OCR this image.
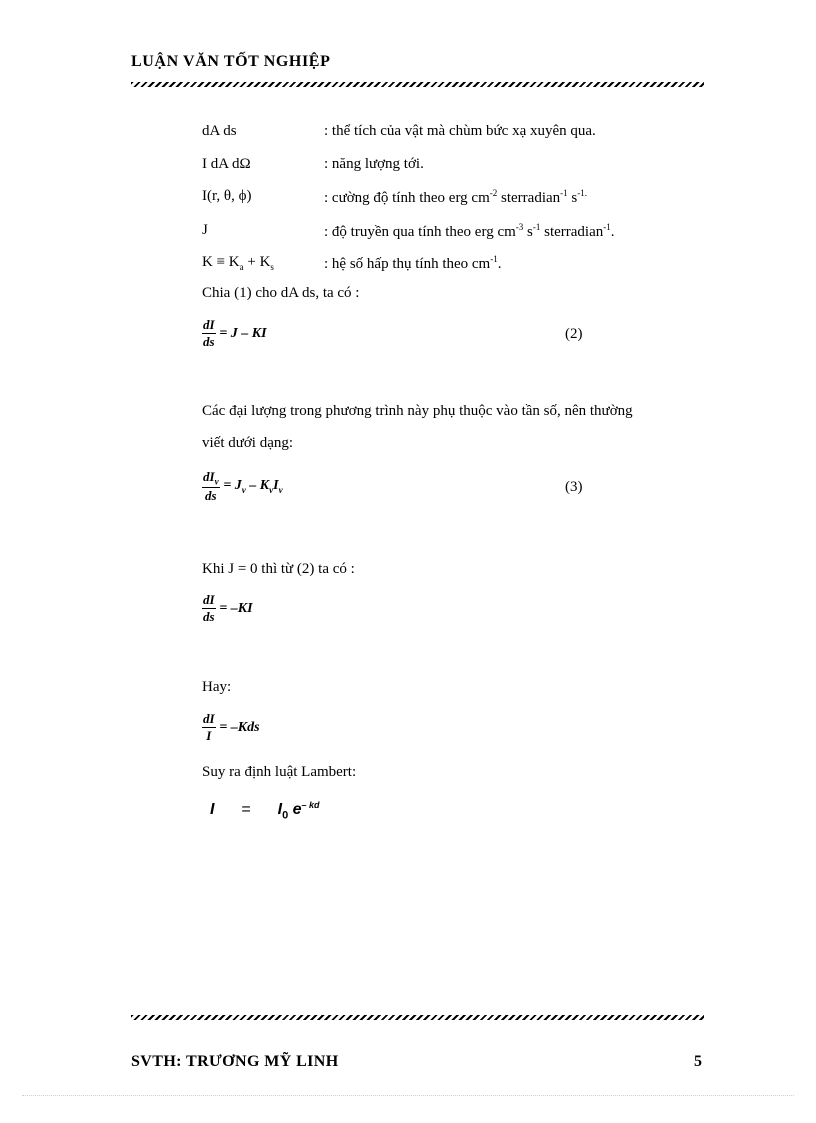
LUẬN VĂN TỐT NGHIỆP
dA ds	: thể tích của vật mà chùm bức xạ xuyên qua.
I dA dΩ	: năng lượng tới.
I(r, θ, ϕ)	: cường độ tính theo erg $cm^{-2}$ sterradian$^{-1}$ $s^{-1.}$
J	: độ truyền qua tính theo erg $cm^{-3}$ $s^{-1}$ sterradian$^{-1}$.
$K \equiv K_a + K_s$	: hệ số hấp thụ tính theo $cm^{-1}$.
Chia (1) cho dA ds, ta có :
$\frac{dI}{ds} = J$ – KI	(2)
Các đại lượng trong phương trình này phụ thuộc vào tần số, nên thường
viết dưới dạng:
$\frac{dI_\nu}{ds} = J_\nu - K_\nu I_\nu$	(3)
Khi J = 0 thì từ (2) ta có :
$\frac{dI}{ds} = -KI$
Hay:
$\frac{dI}{I} = -Kds$
Suy ra định luật Lambert:
$I = I_0$ $e^{- kd}$
SVTH: TRƯƠNG MỸ LINH	5
